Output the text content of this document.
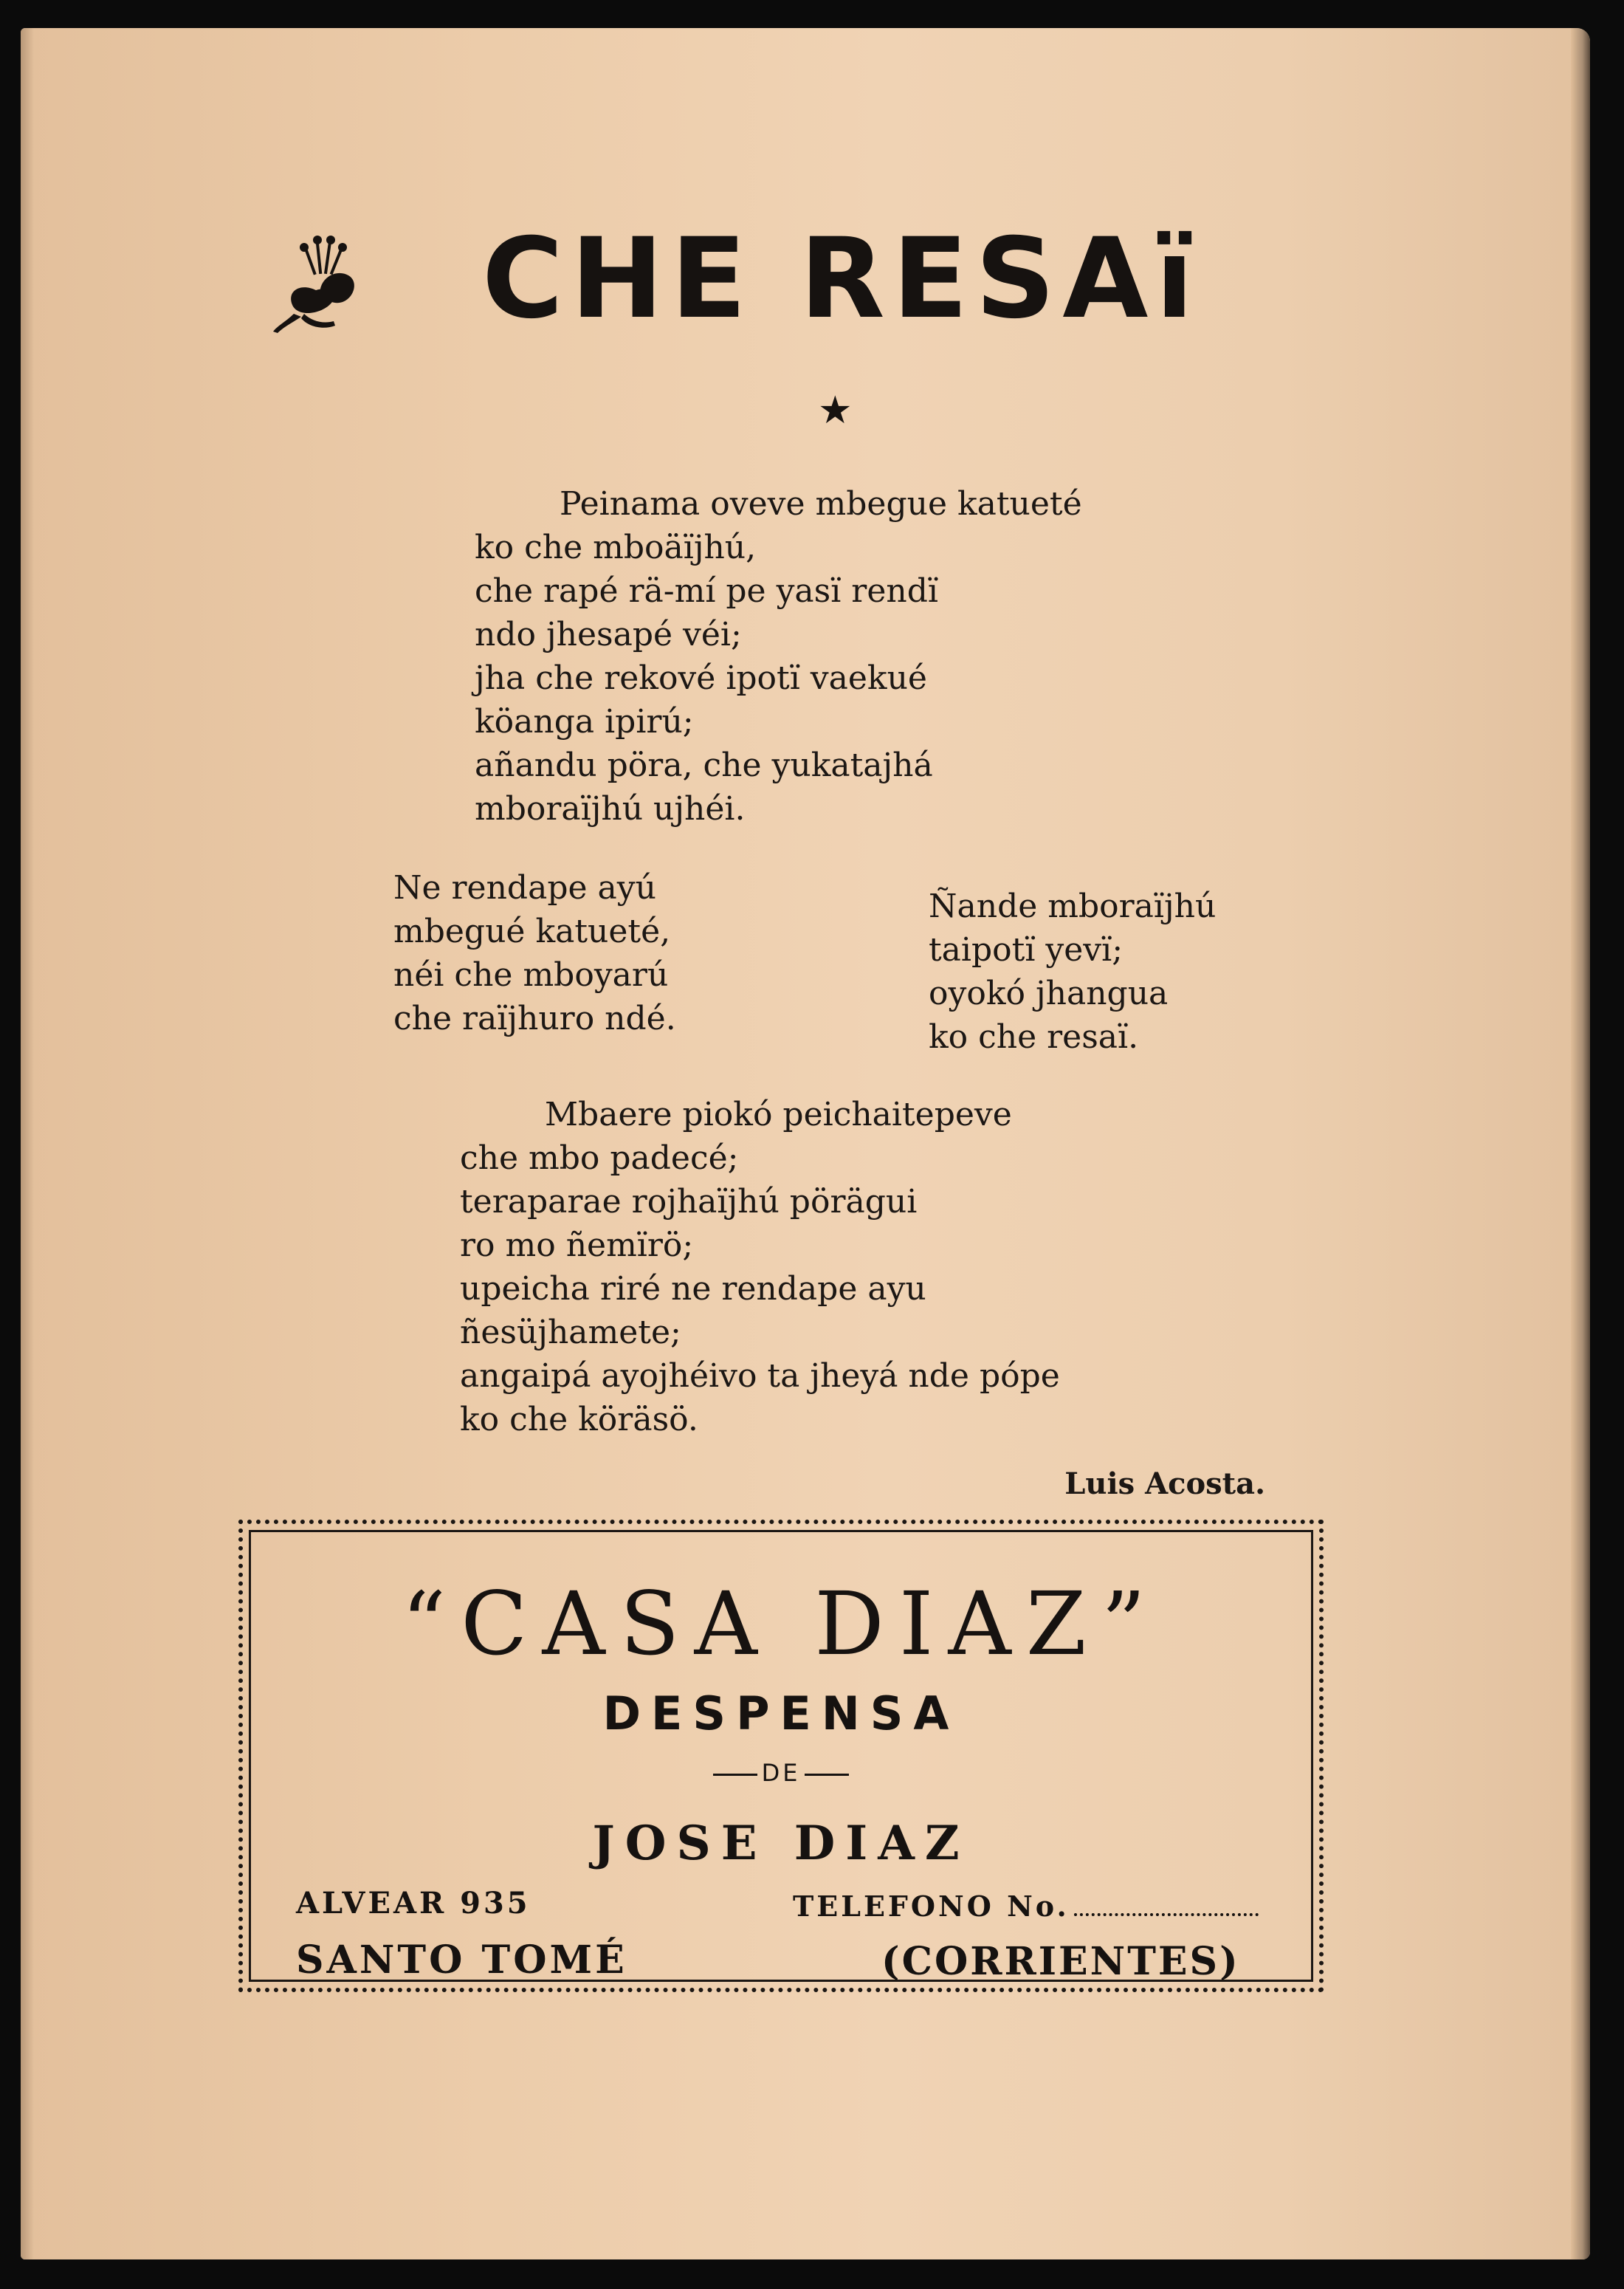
CHE RESAï
★
Peinama oveve mbegue katueté
ko che mboäïjhú,
che rapé rä-mí pe yasï rendï
ndo jhesapé véi;
jha che rekové ipotï vaekué
köanga ipirú;
añandu pöra, che yukatajhá
mboraïjhú ujhéi.
Ne rendape ayú
mbegué katueté,
néi che mboyarú
che raïjhuro ndé.
Ñande mboraïjhú
taipotï yevï;
oyokó jhangua
ko che resaï.
Mbaere piokó peichaitepeve
che mbo padecé;
teraparae rojhaïjhú pörägui
ro mo ñemïrö;
upeicha riré ne rendape ayu
ñesüjhamete;
angaipá ayojhéivo ta jheyá nde pópe
ko che köräsö.
Luis Acosta.
“CASA DIAZ”
DESPENSA
DE
JOSE DIAZ
ALVEAR 935	TELEFONO No.
SANTO TOMÉ	(CORRIENTES)
